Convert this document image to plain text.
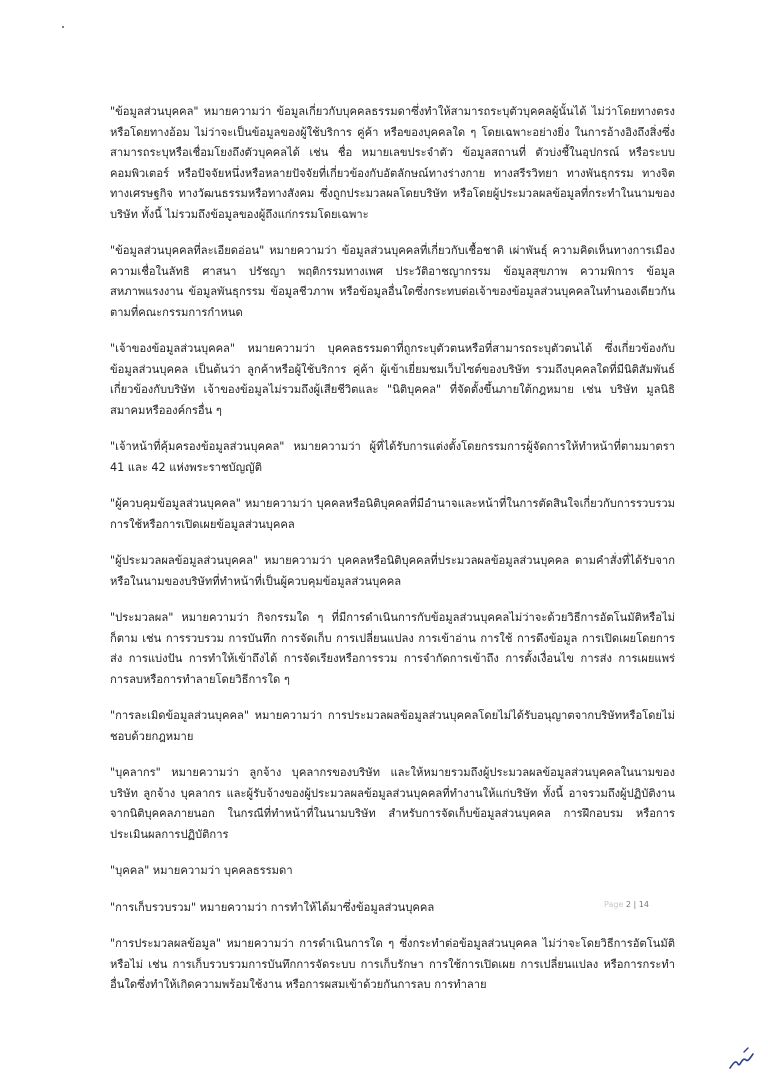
"ข้อมูลส่วนบุคคล" หมายความว่า ข้อมูลเกี่ยวกับบุคคลธรรมดาซึ่งทำให้สามารถระบุตัวบุคคลผู้นั้นได้ ไม่ว่าโดยทางตรงหรือโดยทางอ้อม ไม่ว่าจะเป็นข้อมูลของผู้ใช้บริการ คู่ค้า หรือของบุคคลใด ๆ โดยเฉพาะอย่างยิ่ง ในการอ้างอิงถึงสิ่งซึ่งสามารถระบุหรือเชื่อมโยงถึงตัวบุคคลได้ เช่น ชื่อ หมายเลขประจำตัว ข้อมูลสถานที่ ตัวบ่งชี้ในอุปกรณ์ หรือระบบคอมพิวเตอร์ หรือปัจจัยหนึ่งหรือหลายปัจจัยที่เกี่ยวข้องกับอัตลักษณ์ทางร่างกาย ทางสรีรวิทยา ทางพันธุกรรม ทางจิต ทางเศรษฐกิจ ทางวัฒนธรรมหรือทางสังคม ซึ่งถูกประมวลผลโดยบริษัท หรือโดยผู้ประมวลผลข้อมูลที่กระทำในนามของบริษัท ทั้งนี้ ไม่รวมถึงข้อมูลของผู้ถึงแก่กรรมโดยเฉพาะ

"ข้อมูลส่วนบุคคลที่ละเอียดอ่อน" หมายความว่า ข้อมูลส่วนบุคคลที่เกี่ยวกับเชื้อชาติ เผ่าพันธุ์ ความคิดเห็นทางการเมือง ความเชื่อในลัทธิ ศาสนา ปรัชญา พฤติกรรมทางเพศ ประวัติอาชญากรรม ข้อมูลสุขภาพ ความพิการ ข้อมูลสหภาพแรงงาน ข้อมูลพันธุกรรม ข้อมูลชีวภาพ หรือข้อมูลอื่นใดซึ่งกระทบต่อเจ้าของข้อมูลส่วนบุคคลในทำนองเดียวกันตามที่คณะกรรมการกำหนด

"เจ้าของข้อมูลส่วนบุคคล" หมายความว่า บุคคลธรรมดาที่ถูกระบุตัวตนหรือที่สามารถระบุตัวตนได้ ซึ่งเกี่ยวข้องกับข้อมูลส่วนบุคคล เป็นต้นว่า ลูกค้าหรือผู้ใช้บริการ คู่ค้า ผู้เข้าเยี่ยมชมเว็บไซต์ของบริษัท รวมถึงบุคคลใดที่มีนิติสัมพันธ์เกี่ยวข้องกับบริษัท เจ้าของข้อมูลไม่รวมถึงผู้เสียชีวิตและ "นิติบุคคล" ที่จัดตั้งขึ้นภายใต้กฎหมาย เช่น บริษัท มูลนิธิ สมาคมหรือองค์กรอื่น ๆ

"เจ้าหน้าที่คุ้มครองข้อมูลส่วนบุคคล" หมายความว่า ผู้ที่ได้รับการแต่งตั้งโดยกรรมการผู้จัดการให้ทำหน้าที่ตามมาตรา 41 และ 42 แห่งพระราชบัญญัติ

"ผู้ควบคุมข้อมูลส่วนบุคคล" หมายความว่า บุคคลหรือนิติบุคคลที่มีอำนาจและหน้าที่ในการตัดสินใจเกี่ยวกับการรวบรวม การใช้หรือการเปิดเผยข้อมูลส่วนบุคคล

"ผู้ประมวลผลข้อมูลส่วนบุคคล" หมายความว่า บุคคลหรือนิติบุคคลที่ประมวลผลข้อมูลส่วนบุคคล ตามคำสั่งที่ได้รับจากหรือในนามของบริษัทที่ทำหน้าที่เป็นผู้ควบคุมข้อมูลส่วนบุคคล

"ประมวลผล" หมายความว่า กิจกรรมใด ๆ ที่มีการดำเนินการกับข้อมูลส่วนบุคคลไม่ว่าจะด้วยวิธีการอัตโนมัติหรือไม่ก็ตาม เช่น การรวบรวม การบันทึก การจัดเก็บ การเปลี่ยนแปลง การเข้าอ่าน การใช้ การดึงข้อมูล การเปิดเผยโดยการส่ง การแบ่งปัน การทำให้เข้าถึงได้ การจัดเรียงหรือการรวม การจำกัดการเข้าถึง การตั้งเงื่อนไข การส่ง การเผยแพร่ การลบหรือการทำลายโดยวิธีการใด ๆ

"การละเมิดข้อมูลส่วนบุคคล" หมายความว่า การประมวลผลข้อมูลส่วนบุคคลโดยไม่ได้รับอนุญาตจากบริษัทหรือโดยไม่ชอบด้วยกฎหมาย

"บุคลากร" หมายความว่า ลูกจ้าง บุคลากรของบริษัท และให้หมายรวมถึงผู้ประมวลผลข้อมูลส่วนบุคคลในนามของบริษัท ลูกจ้าง บุคลากร และผู้รับจ้างของผู้ประมวลผลข้อมูลส่วนบุคคลที่ทำงานให้แก่บริษัท ทั้งนี้ อาจรวมถึงผู้ปฏิบัติงานจากนิติบุคคลภายนอก ในกรณีที่ทำหน้าที่ในนามบริษัท สำหรับการจัดเก็บข้อมูลส่วนบุคคล การฝึกอบรม หรือการประเมินผลการปฏิบัติการ

"บุคคล" หมายความว่า บุคคลธรรมดา

"การเก็บรวบรวม" หมายความว่า การทำให้ได้มาซึ่งข้อมูลส่วนบุคคล

"การประมวลผลข้อมูล" หมายความว่า การดำเนินการใด ๆ ซึ่งกระทำต่อข้อมูลส่วนบุคคล ไม่ว่าจะโดยวิธีการอัตโนมัติหรือไม่ เช่น การเก็บรวบรวมการบันทึกการจัดระบบ การเก็บรักษา การใช้การเปิดเผย การเปลี่ยนแปลง หรือการกระทำอื่นใดซึ่งทำให้เกิดความพร้อมใช้งาน หรือการผสมเข้าด้วยกันการลบ การทำลาย

Page 2 | 14
